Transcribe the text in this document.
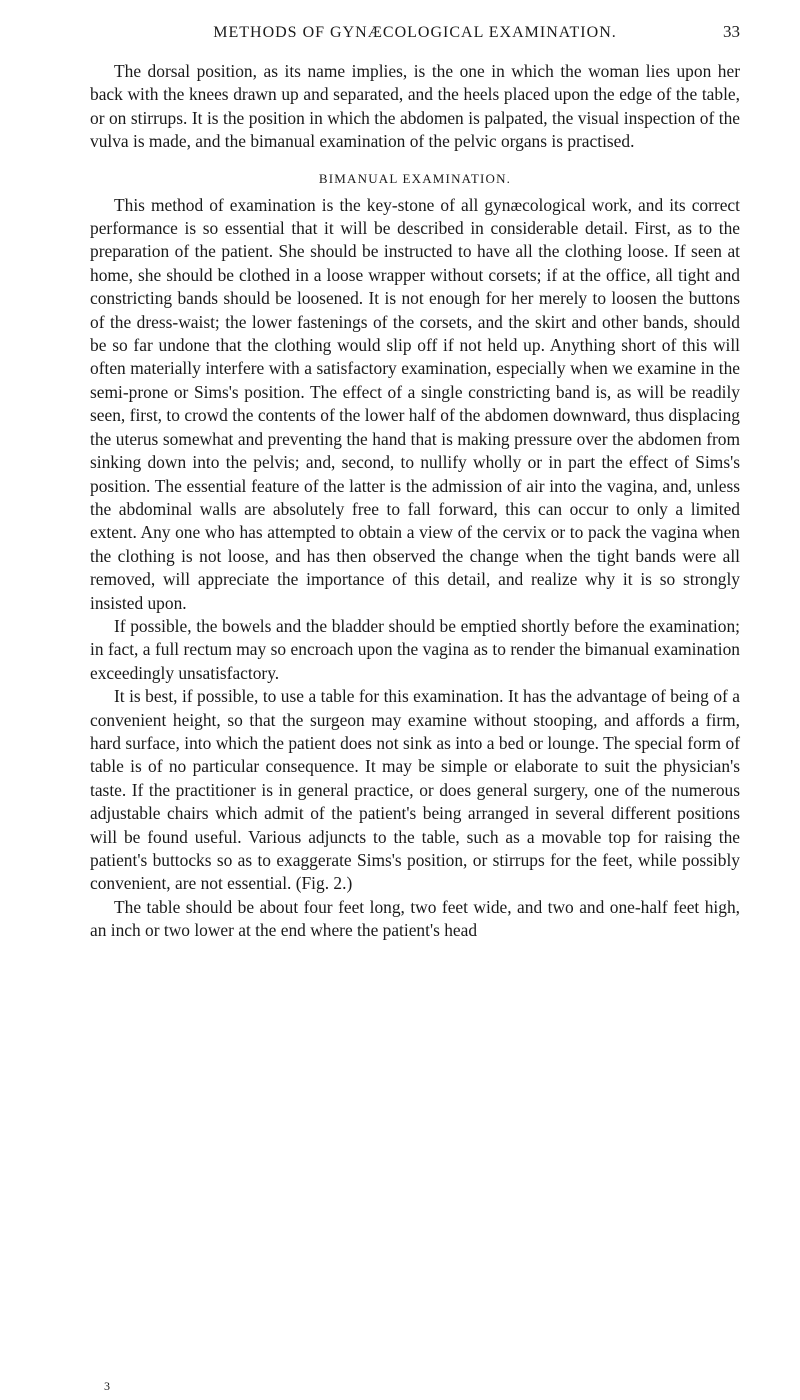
METHODS OF GYNÆCOLOGICAL EXAMINATION.	33

The dorsal position, as its name implies, is the one in which the woman lies upon her back with the knees drawn up and separated, and the heels placed upon the edge of the table, or on stirrups. It is the position in which the abdomen is palpated, the visual inspection of the vulva is made, and the bimanual examination of the pelvic organs is practised.

BIMANUAL EXAMINATION.

This method of examination is the key-stone of all gynæcological work, and its correct performance is so essential that it will be described in considerable detail. First, as to the preparation of the patient. She should be instructed to have all the clothing loose. If seen at home, she should be clothed in a loose wrapper without corsets; if at the office, all tight and constricting bands should be loosened. It is not enough for her merely to loosen the buttons of the dress-waist; the lower fastenings of the corsets, and the skirt and other bands, should be so far undone that the clothing would slip off if not held up. Anything short of this will often materially interfere with a satisfactory examination, especially when we examine in the semi-prone or Sims's position. The effect of a single constricting band is, as will be readily seen, first, to crowd the contents of the lower half of the abdomen downward, thus displacing the uterus somewhat and preventing the hand that is making pressure over the abdomen from sinking down into the pelvis; and, second, to nullify wholly or in part the effect of Sims's position. The essential feature of the latter is the admission of air into the vagina, and, unless the abdominal walls are absolutely free to fall forward, this can occur to only a limited extent. Any one who has attempted to obtain a view of the cervix or to pack the vagina when the clothing is not loose, and has then observed the change when the tight bands were all removed, will appreciate the importance of this detail, and realize why it is so strongly insisted upon.

If possible, the bowels and the bladder should be emptied shortly before the examination; in fact, a full rectum may so encroach upon the vagina as to render the bimanual examination exceedingly unsatisfactory.

It is best, if possible, to use a table for this examination. It has the advantage of being of a convenient height, so that the surgeon may examine without stooping, and affords a firm, hard surface, into which the patient does not sink as into a bed or lounge. The special form of table is of no particular consequence. It may be simple or elaborate to suit the physician's taste. If the practitioner is in general practice, or does general surgery, one of the numerous adjustable chairs which admit of the patient's being arranged in several different positions will be found useful. Various adjuncts to the table, such as a movable top for raising the patient's buttocks so as to exaggerate Sims's position, or stirrups for the feet, while possibly convenient, are not essential. (Fig. 2.)

The table should be about four feet long, two feet wide, and two and one-half feet high, an inch or two lower at the end where the patient's head

3
